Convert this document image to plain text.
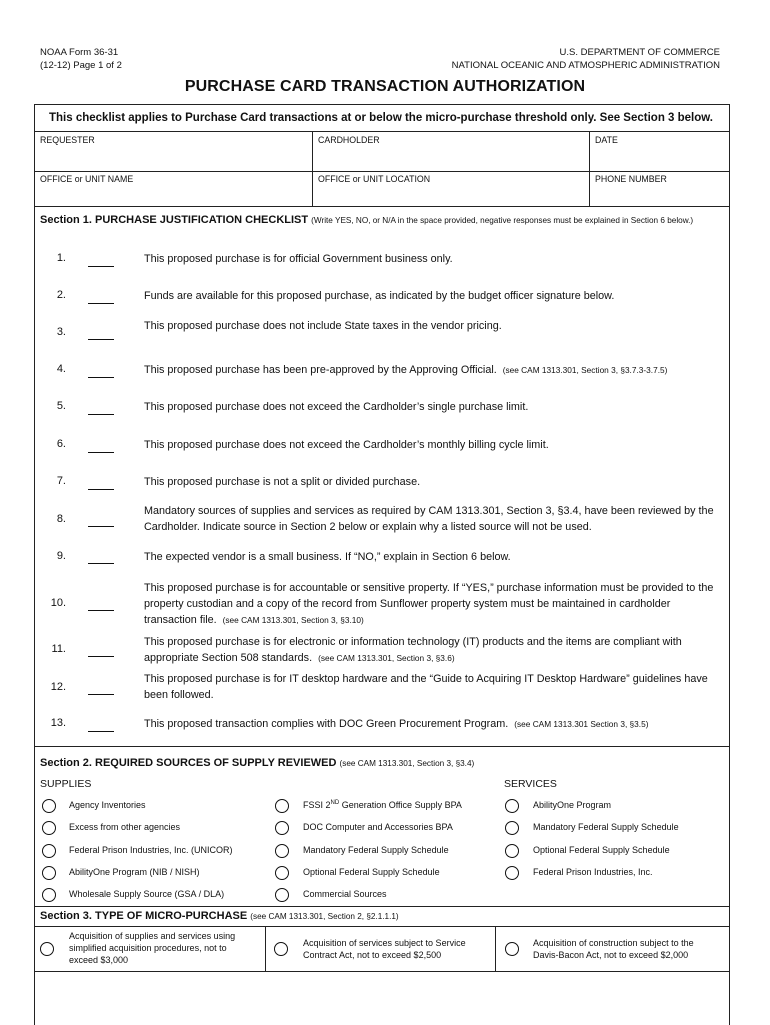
NOAA Form 36-31
(12-12) Page 1 of 2
U.S. DEPARTMENT OF COMMERCE
NATIONAL OCEANIC AND ATMOSPHERIC ADMINISTRATION
PURCHASE CARD TRANSACTION AUTHORIZATION
This checklist applies to Purchase Card transactions at or below the micro-purchase threshold only. See Section 3 below.
REQUESTER	CARDHOLDER	DATE
OFFICE or UNIT NAME	OFFICE or UNIT LOCATION	PHONE NUMBER
Section 1. PURCHASE JUSTIFICATION CHECKLIST (Write YES, NO, or N/A in the space provided, negative responses must be explained in Section 6 below.)
1.	This proposed purchase is for official Government business only.
2.	Funds are available for this proposed purchase, as indicated by the budget officer signature below.
3.	This proposed purchase does not include State taxes in the vendor pricing.
4.	This proposed purchase has been pre-approved by the Approving Official. (see CAM 1313.301, Section 3, §3.7.3-3.7.5)
5.	This proposed purchase does not exceed the Cardholder’s single purchase limit.
6.	This proposed purchase does not exceed the Cardholder’s monthly billing cycle limit.
7.	This proposed purchase is not a split or divided purchase.
8.
Mandatory sources of supplies and services as required by CAM 1313.301, Section 3, §3.4, have been reviewed by the Cardholder. Indicate source in Section 2 below or explain why a listed source will not be used.
9.	The expected vendor is a small business. If “NO,” explain in Section 6 below.
10.
This proposed purchase is for accountable or sensitive property. If “YES,” purchase information must be provided to the property custodian and a copy of the record from Sunflower property system must be maintained in cardholder transaction file. (see CAM 1313.301, Section 3, §3.10)
11.
This proposed purchase is for electronic or information technology (IT) products and the items are compliant with appropriate Section 508 standards. (see CAM 1313.301, Section 3, §3.6)
12.
This proposed purchase is for IT desktop hardware and the “Guide to Acquiring IT Desktop Hardware” guidelines have been followed.
13.	This proposed transaction complies with DOC Green Procurement Program. (see CAM 1313.301 Section 3, §3.5)
Section 2. REQUIRED SOURCES OF SUPPLY REVIEWED (see CAM 1313.301, Section 3, §3.4)
SUPPLIES	SERVICES
Agency Inventories
Excess from other agencies
Federal Prison Industries, Inc. (UNICOR)
AbilityOne Program (NIB / NISH)
Wholesale Supply Source (GSA / DLA)
FSSI 2ND Generation Office Supply BPA
DOC Computer and Accessories BPA
Mandatory Federal Supply Schedule
Optional Federal Supply Schedule
Commercial Sources
AbilityOne Program
Mandatory Federal Supply Schedule
Optional Federal Supply Schedule
Federal Prison Industries, Inc.
Section 3. TYPE OF MICRO-PURCHASE (see CAM 1313.301, Section 2, §2.1.1.1)
Acquisition of supplies and services using simplified acquisition procedures, not to exceed $3,000
Acquisition of services subject to Service Contract Act, not to exceed $2,500
Acquisition of construction subject to the Davis-Bacon Act, not to exceed $2,000
